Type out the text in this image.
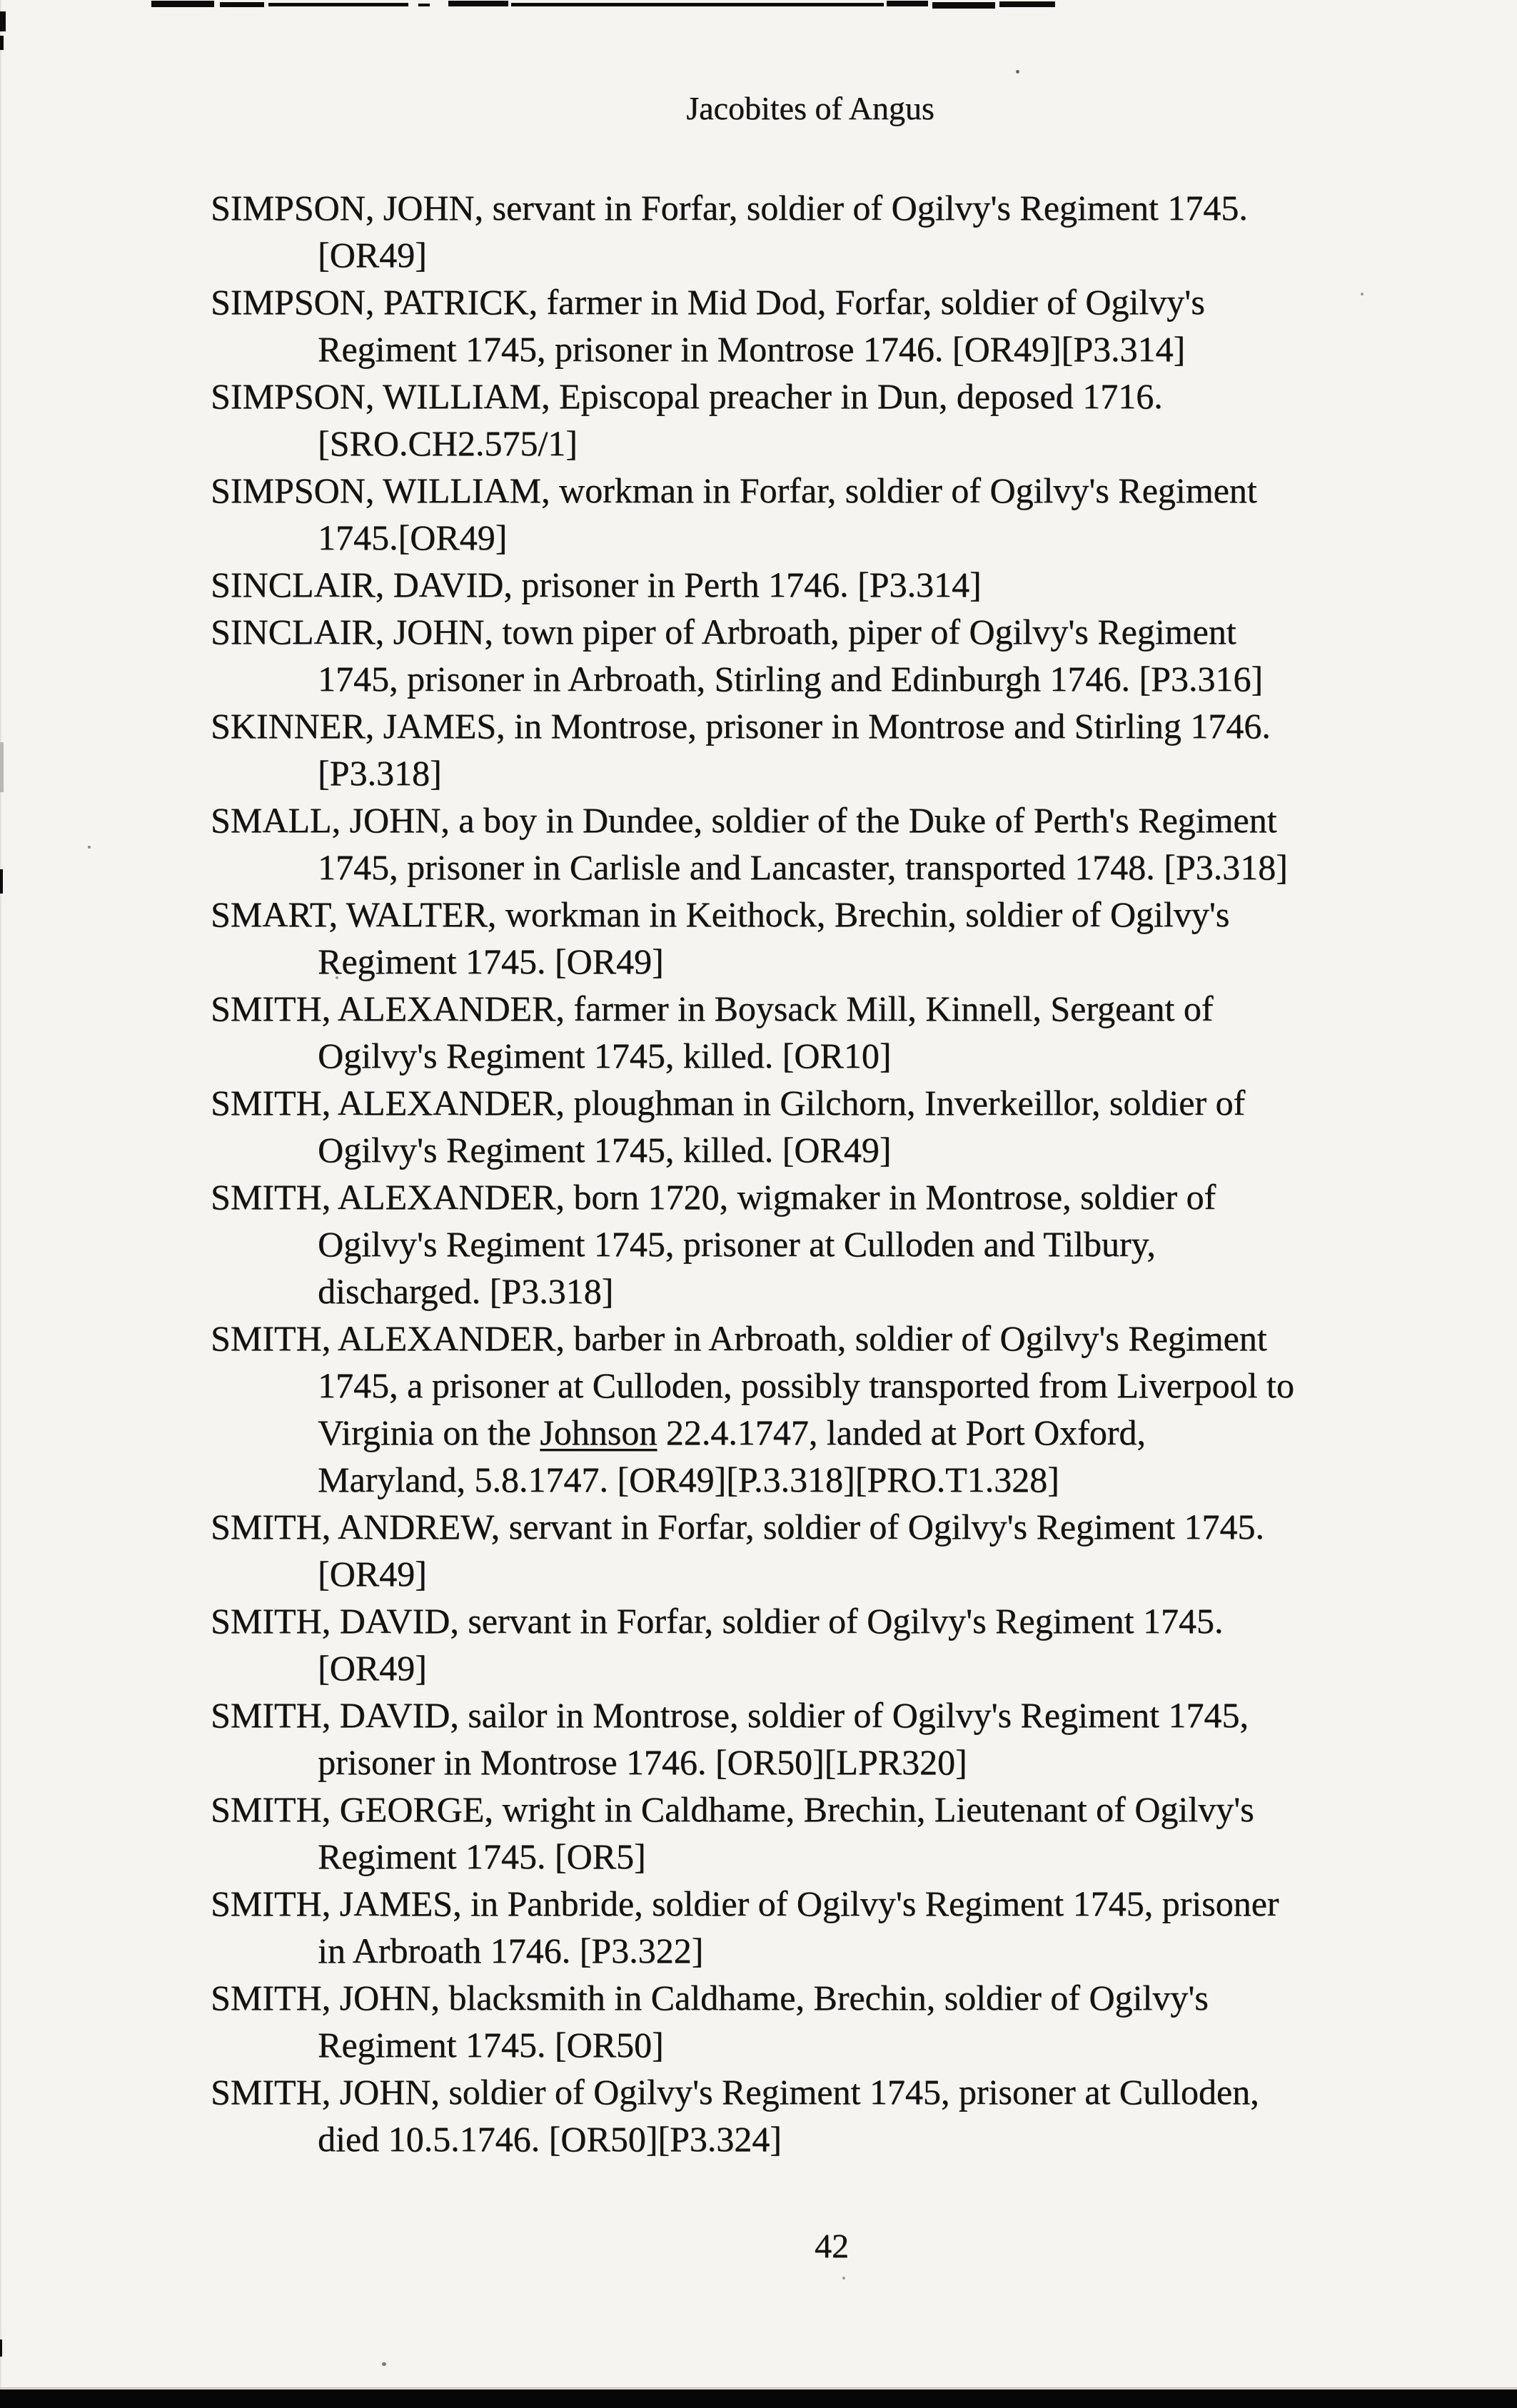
Jacobites of Angus
SIMPSON, JOHN, servant in Forfar, soldier of Ogilvy's Regiment 1745.
[OR49]
SIMPSON, PATRICK, farmer in Mid Dod, Forfar, soldier of Ogilvy's
Regiment 1745, prisoner in Montrose 1746. [OR49][P3.314]
SIMPSON, WILLIAM, Episcopal preacher in Dun, deposed 1716.
[SRO.CH2.575/1]
SIMPSON, WILLIAM, workman in Forfar, soldier of Ogilvy's Regiment
1745.[OR49]
SINCLAIR, DAVID, prisoner in Perth 1746. [P3.314]
SINCLAIR, JOHN, town piper of Arbroath, piper of Ogilvy's Regiment
1745, prisoner in Arbroath, Stirling and Edinburgh 1746. [P3.316]
SKINNER, JAMES, in Montrose, prisoner in Montrose and Stirling 1746.
[P3.318]
SMALL, JOHN, a boy in Dundee, soldier of the Duke of Perth's Regiment
1745, prisoner in Carlisle and Lancaster, transported 1748. [P3.318]
SMART, WALTER, workman in Keithock, Brechin, soldier of Ogilvy's
Regiment 1745. [OR49]
SMITH, ALEXANDER, farmer in Boysack Mill, Kinnell, Sergeant of
Ogilvy's Regiment 1745, killed. [OR10]
SMITH, ALEXANDER, ploughman in Gilchorn, Inverkeillor, soldier of
Ogilvy's Regiment 1745, killed. [OR49]
SMITH, ALEXANDER, born 1720, wigmaker in Montrose, soldier of
Ogilvy's Regiment 1745, prisoner at Culloden and Tilbury,
discharged. [P3.318]
SMITH, ALEXANDER, barber in Arbroath, soldier of Ogilvy's Regiment
1745, a prisoner at Culloden, possibly transported from Liverpool to
Virginia on the Johnson 22.4.1747, landed at Port Oxford,
Maryland, 5.8.1747. [OR49][P.3.318][PRO.T1.328]
SMITH, ANDREW, servant in Forfar, soldier of Ogilvy's Regiment 1745.
[OR49]
SMITH, DAVID, servant in Forfar, soldier of Ogilvy's Regiment 1745.
[OR49]
SMITH, DAVID, sailor in Montrose, soldier of Ogilvy's Regiment 1745,
prisoner in Montrose 1746. [OR50][LPR320]
SMITH, GEORGE, wright in Caldhame, Brechin, Lieutenant of Ogilvy's
Regiment 1745. [OR5]
SMITH, JAMES, in Panbride, soldier of Ogilvy's Regiment 1745, prisoner
in Arbroath 1746. [P3.322]
SMITH, JOHN, blacksmith in Caldhame, Brechin, soldier of Ogilvy's
Regiment 1745. [OR50]
SMITH, JOHN, soldier of Ogilvy's Regiment 1745, prisoner at Culloden,
died 10.5.1746. [OR50][P3.324]
42
